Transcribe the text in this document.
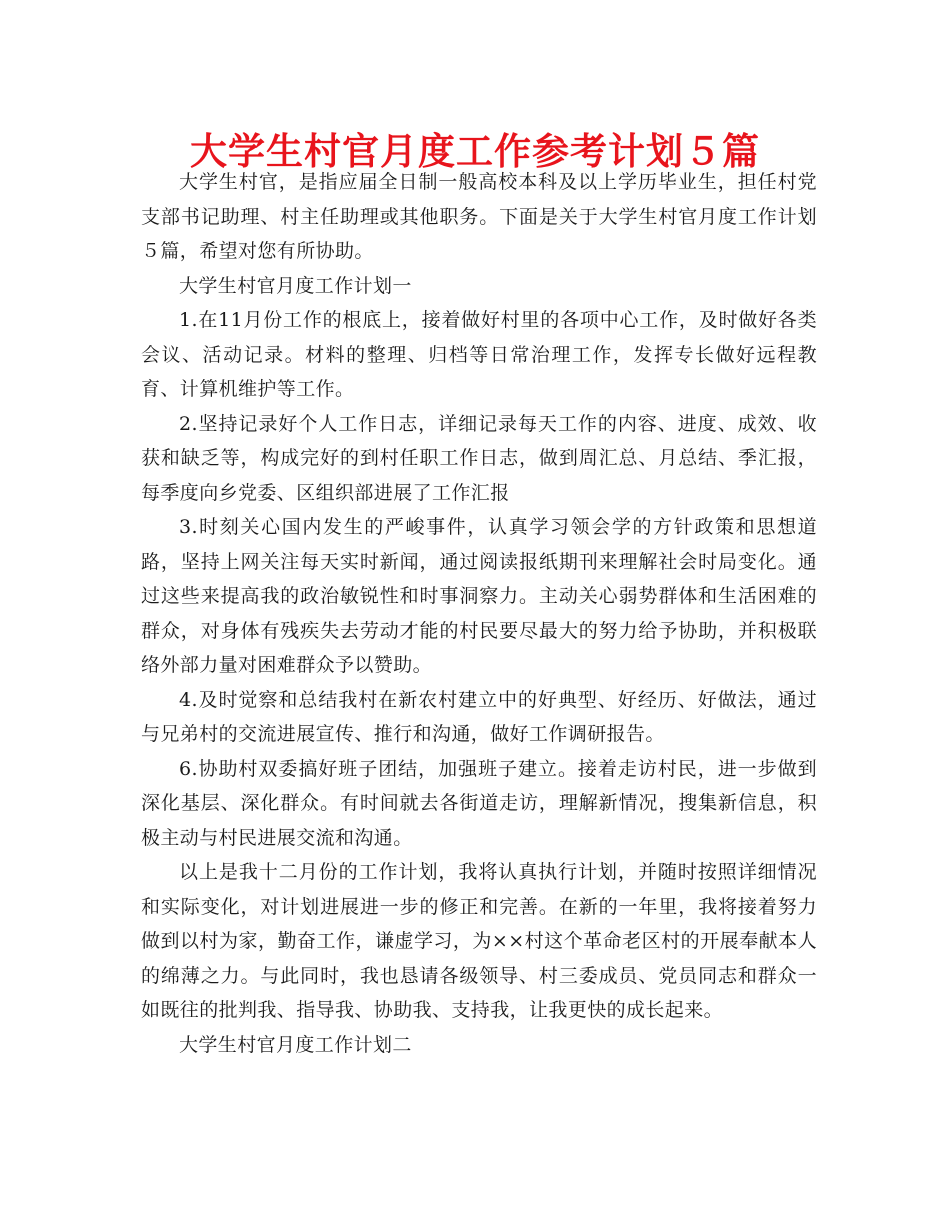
大学生村官月度工作参考计划５篇

大学生村官，是指应届全日制一般高校本科及以上学历毕业生，担任村党支部书记助理、村主任助理或其他职务。下面是关于大学生村官月度工作计划５篇，希望对您有所协助。

大学生村官月度工作计划一

1.在11月份工作的根底上，接着做好村里的各项中心工作，及时做好各类会议、活动记录。材料的整理、归档等日常治理工作，发挥专长做好远程教育、计算机维护等工作。

2.坚持记录好个人工作日志，详细记录每天工作的内容、进度、成效、收获和缺乏等，构成完好的到村任职工作日志，做到周汇总、月总结、季汇报，每季度向乡党委、区组织部进展了工作汇报

3.时刻关心国内发生的严峻事件，认真学习领会学的方针政策和思想道路，坚持上网关注每天实时新闻，通过阅读报纸期刊来理解社会时局变化。通过这些来提高我的政治敏锐性和时事洞察力。主动关心弱势群体和生活困难的群众，对身体有残疾失去劳动才能的村民要尽最大的努力给予协助，并积极联络外部力量对困难群众予以赞助。

4.及时觉察和总结我村在新农村建立中的好典型、好经历、好做法，通过与兄弟村的交流进展宣传、推行和沟通，做好工作调研报告。

6.协助村双委搞好班子团结，加强班子建立。接着走访村民，进一步做到深化基层、深化群众。有时间就去各街道走访，理解新情况，搜集新信息，积极主动与村民进展交流和沟通。

以上是我十二月份的工作计划，我将认真执行计划，并随时按照详细情况和实际变化，对计划进展进一步的修正和完善。在新的一年里，我将接着努力做到以村为家，勤奋工作，谦虚学习，为××村这个革命老区村的开展奉献本人的绵薄之力。与此同时，我也恳请各级领导、村三委成员、党员同志和群众一如既往的批判我、指导我、协助我、支持我，让我更快的成长起来。

大学生村官月度工作计划二
